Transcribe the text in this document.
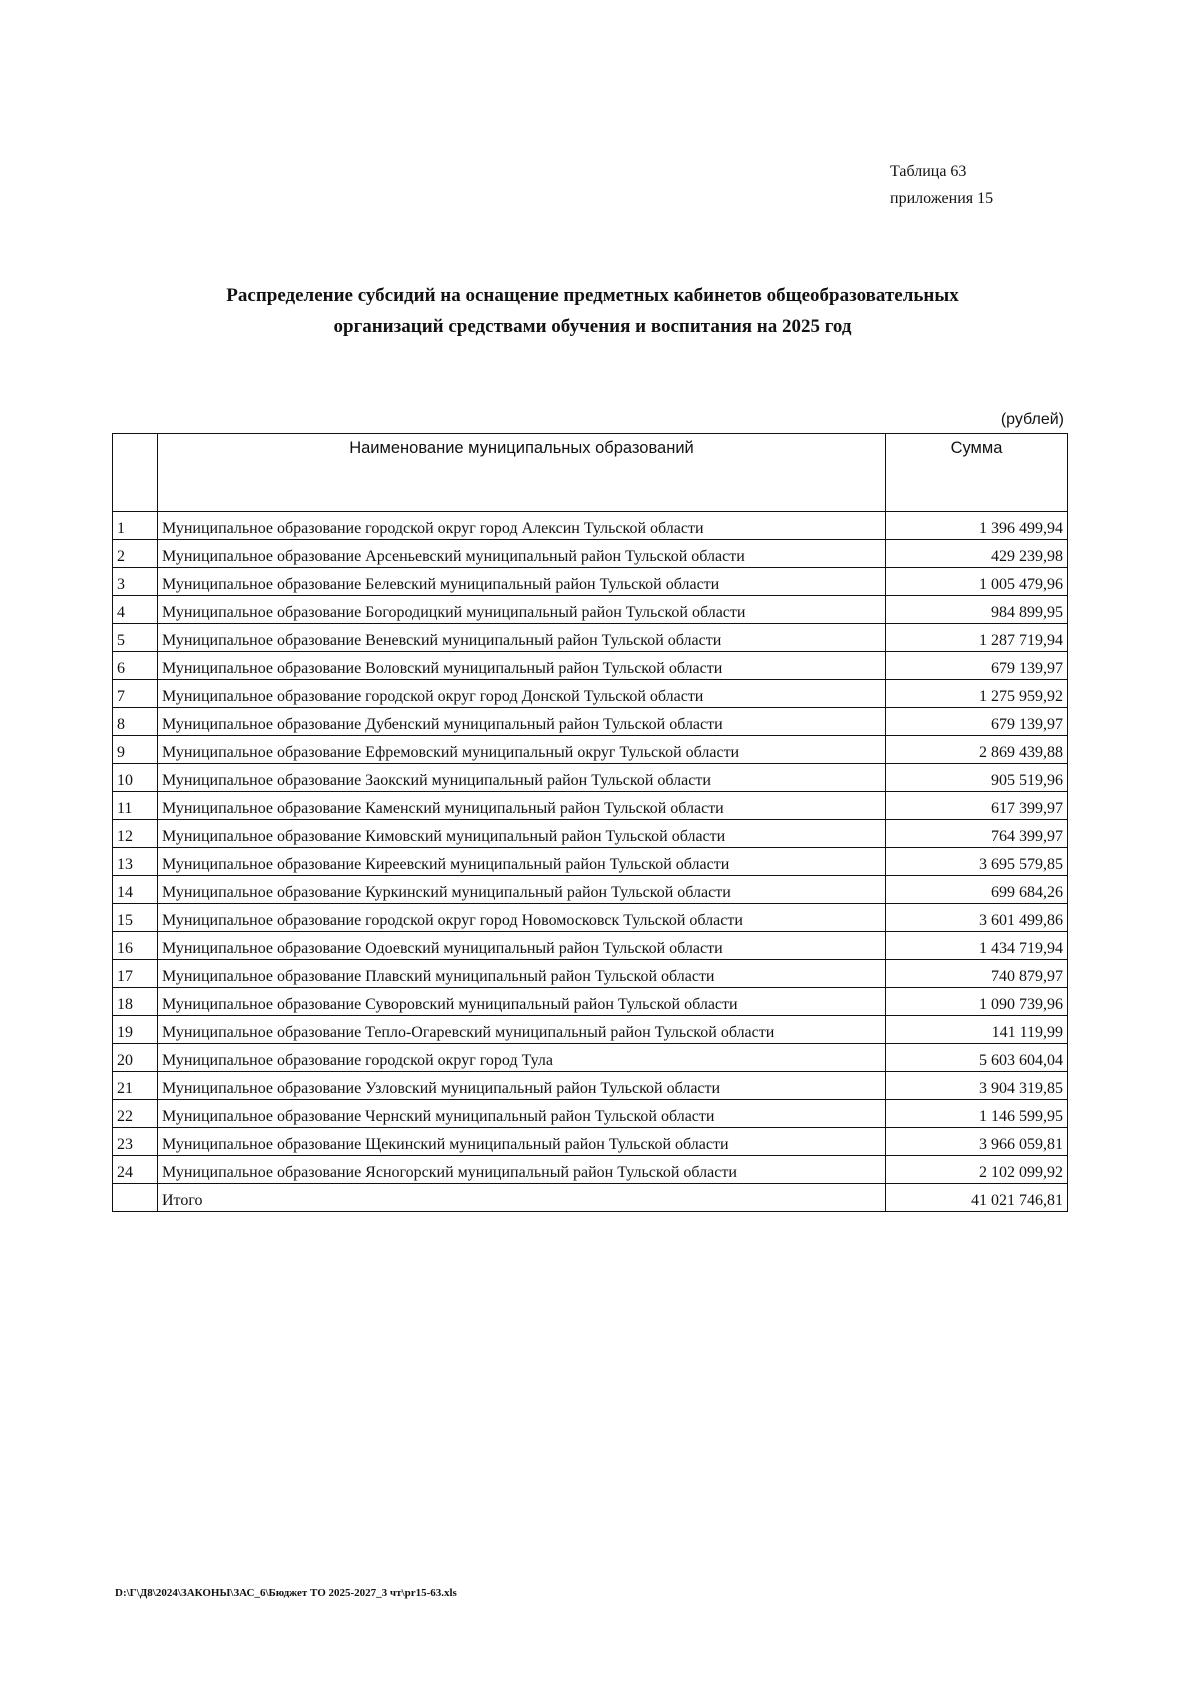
Таблица 63
приложения 15
Распределение субсидий на оснащение предметных кабинетов общеобразовательных
организаций средствами обучения и воспитания на 2025 год
(рублей)
	Наименование муниципальных образований	Сумма
1	Муниципальное образование городской округ город Алексин Тульской области	1 396 499,94
2	Муниципальное образование Арсеньевский муниципальный район Тульской области	429 239,98
3	Муниципальное образование Белевский муниципальный район Тульской области	1 005 479,96
4	Муниципальное образование Богородицкий муниципальный район Тульской области	984 899,95
5	Муниципальное образование Веневский муниципальный район Тульской области	1 287 719,94
6	Муниципальное образование Воловский муниципальный район Тульской области	679 139,97
7	Муниципальное образование городской округ город Донской Тульской области	1 275 959,92
8	Муниципальное образование Дубенский муниципальный район Тульской области	679 139,97
9	Муниципальное образование Ефремовский муниципальный округ Тульской области	2 869 439,88
10	Муниципальное образование Заокский муниципальный район Тульской области	905 519,96
11	Муниципальное образование Каменский муниципальный район Тульской области	617 399,97
12	Муниципальное образование Кимовский муниципальный район Тульской области	764 399,97
13	Муниципальное образование Киреевский муниципальный район Тульской области	3 695 579,85
14	Муниципальное образование Куркинский муниципальный район Тульской области	699 684,26
15	Муниципальное образование городской округ город Новомосковск Тульской области	3 601 499,86
16	Муниципальное образование Одоевский муниципальный район Тульской области	1 434 719,94
17	Муниципальное образование Плавский муниципальный район Тульской области	740 879,97
18	Муниципальное образование Суворовский муниципальный район Тульской области	1 090 739,96
19	Муниципальное образование Тепло-Огаревский муниципальный район Тульской области	141 119,99
20	Муниципальное образование городской округ город Тула	5 603 604,04
21	Муниципальное образование Узловский муниципальный район Тульской области	3 904 319,85
22	Муниципальное образование Чернский муниципальный район Тульской области	1 146 599,95
23	Муниципальное образование Щекинский муниципальный район Тульской области	3 966 059,81
24	Муниципальное образование Ясногорский муниципальный район Тульской области	2 102 099,92
	Итого	41 021 746,81
D:\Г\Д8\2024\ЗАКОНЫ\ЗАС_6\Бюджет ТО 2025-2027_3 чт\pr15-63.xls
